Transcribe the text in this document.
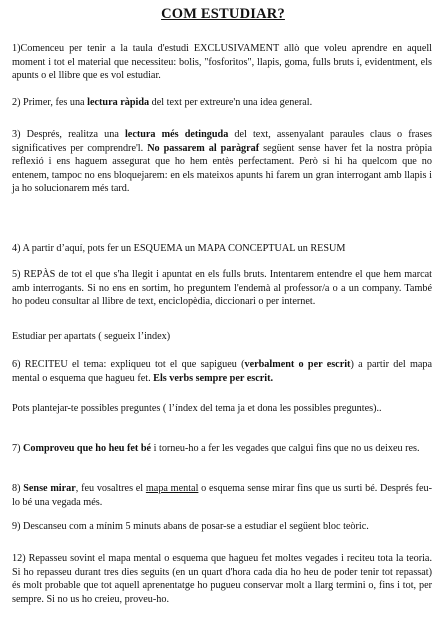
COM ESTUDIAR?

1)Comenceu per tenir a la taula d'estudi EXCLUSIVAMENT allò que voleu aprendre en aquell moment i tot el material que necessiteu: bolis, "fosforitos", llapis, goma, fulls bruts i, evidentment, els apunts o el llibre que es vol estudiar.

2) Primer, fes una lectura ràpida del text per extreure'n una idea general.

3) Després, realitza una lectura més detinguda del text, assenyalant paraules claus o frases significatives per comprendre'l. No passarem al paràgraf següent sense haver fet la nostra pròpia reflexió i ens haguem assegurat que ho hem entès perfectament. Però si hi ha quelcom que no entenem, tampoc no ens bloquejarem: en els mateixos apunts hi farem un gran interrogant amb llapis i ja ho solucionarem més tard.

4) A partir d’aquí, pots fer un ESQUEMA un MAPA CONCEPTUAL un RESUM

5) REPÀS de tot el que s'ha llegit i apuntat en els fulls bruts. Intentarem entendre el que hem marcat amb interrogants. Si no ens en sortim, ho preguntem l'endemà al professor/a o a un company. També ho podeu consultar al llibre de text, enciclopèdia, diccionari o per internet.

Estudiar per apartats ( segueix l’index)

6) RECITEU el tema: expliqueu tot el que sapigueu (verbalment o per escrit) a partir del mapa mental o esquema que hagueu fet. Els verbs sempre per escrit.

Pots plantejar-te possibles preguntes ( l’índex del tema ja et dona les possibles preguntes)..

7) Comproveu que ho heu fet bé i torneu-ho a fer les vegades que calgui fins que no us deixeu res.

8) Sense mirar, feu vosaltres el mapa mental o esquema sense mirar fins que us surti bé. Després feu-lo bé una vegada més.

9) Descanseu com a mínim 5 minuts abans de posar-se a estudiar el següent bloc teòric.

12) Repasseu sovint el mapa mental o esquema que hagueu fet moltes vegades i reciteu tota la teoria. Si ho repasseu durant tres dies seguits (en un quart d'hora cada dia ho heu de poder tenir tot repassat) és molt probable que tot aquell aprenentatge ho pugueu conservar molt a llarg termini o, fins i tot, per sempre. Si no us ho creieu, proveu-ho.
